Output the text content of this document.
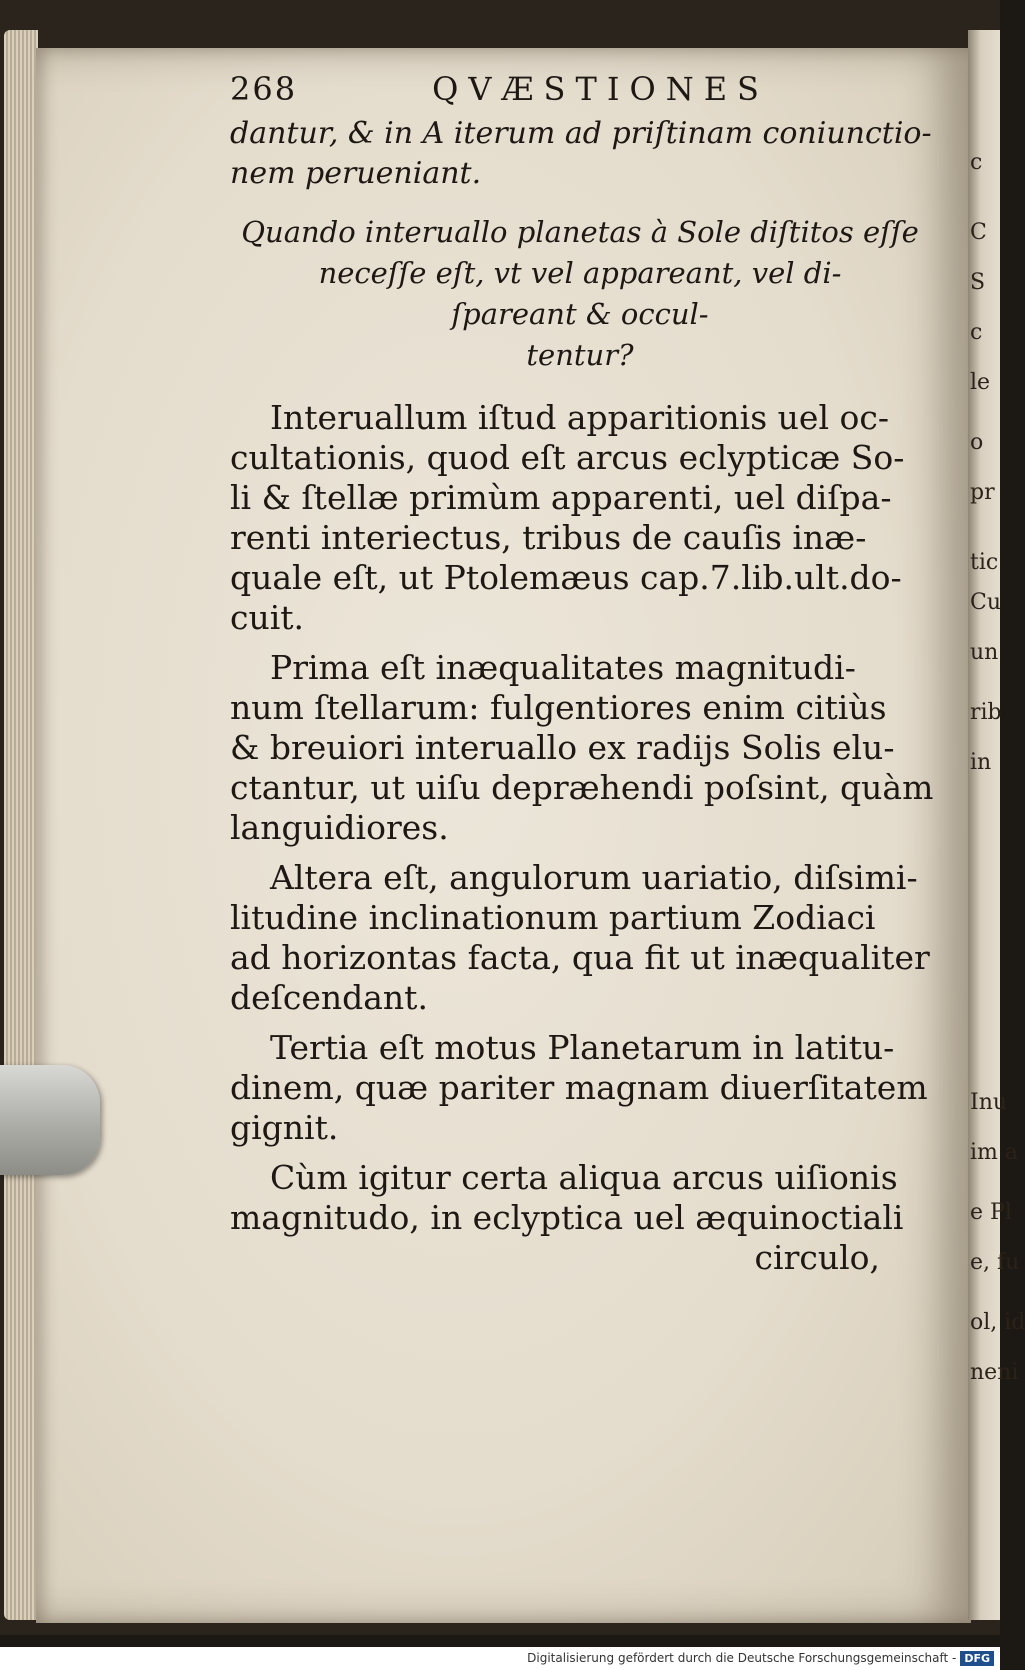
c
C
S
c
le
o
pr
tic
Cu
un
rib
in
Inu
im a
e Pl
e, fu
ol, id
neni
268	QVÆSTIONES
dantur, & in A iterum ad priſtinam coniunctio-
nem perueniant.
Quando interuallo planetas à Sole diſtitos eſſe
neceſſe eſt, vt vel appareant, vel di-
ſpareant & occul-
tentur?
Interuallum iſtud apparitionis uel oc-
cultationis, quod eſt arcus eclypticæ So-
li & ſtellæ primùm apparenti, uel diſpa-
renti interiectus, tribus de cauſis inæ-
quale eſt, ut Ptolemæus cap.7.lib.ult.do-
cuit.
Prima eſt inæqualitates magnitudi-
num ſtellarum: fulgentiores enim citiùs
& breuiori interuallo ex radijs Solis elu-
ctantur, ut uiſu depræhendi poſsint, quàm
languidiores.
Altera eſt, angulorum uariatio, diſsimi-
litudine inclinationum partium Zodiaci
ad horizontas facta, qua fit ut inæqualiter
deſcendant.
Tertia eſt motus Planetarum in latitu-
dinem, quæ pariter magnam diuerſitatem
gignit.
Cùm igitur certa aliqua arcus uiſionis
magnitudo, in eclyptica uel æquinoctiali
circulo,
Digitalisierung gefördert durch die Deutsche Forschungsgemeinschaft - DFG
